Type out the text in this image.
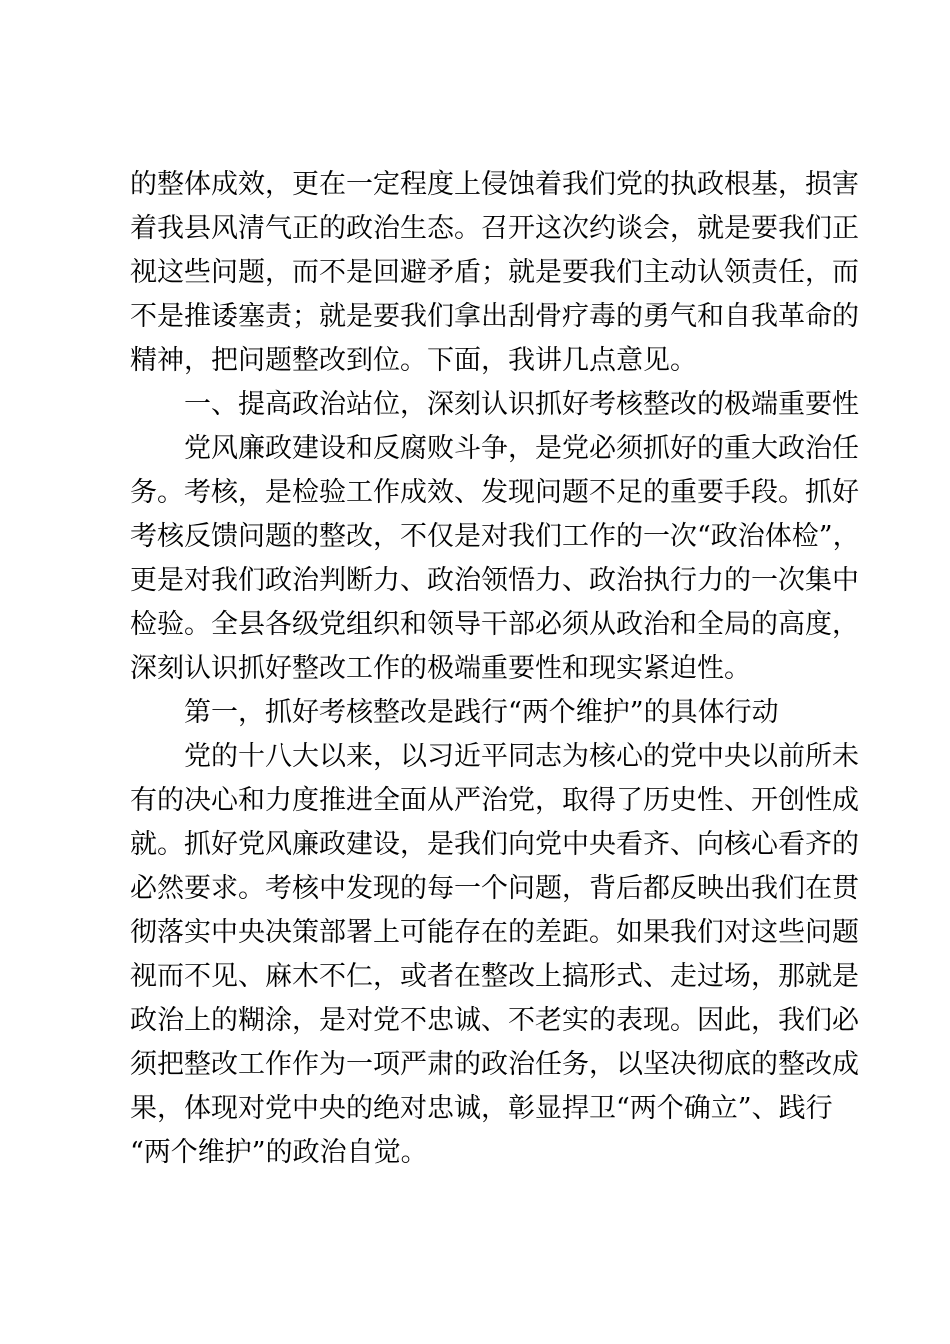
的整体成效，更在一定程度上侵蚀着我们党的执政根基，损害
着我县风清气正的政治生态。召开这次约谈会，就是要我们正
视这些问题，而不是回避矛盾；就是要我们主动认领责任，而
不是推诿塞责；就是要我们拿出刮骨疗毒的勇气和自我革命的
精神，把问题整改到位。下面，我讲几点意见。
一、提高政治站位，深刻认识抓好考核整改的极端重要性
党风廉政建设和反腐败斗争，是党必须抓好的重大政治任
务。考核，是检验工作成效、发现问题不足的重要手段。抓好
考核反馈问题的整改，不仅是对我们工作的一次“政治体检”，
更是对我们政治判断力、政治领悟力、政治执行力的一次集中
检验。全县各级党组织和领导干部必须从政治和全局的高度，
深刻认识抓好整改工作的极端重要性和现实紧迫性。
第一，抓好考核整改是践行“两个维护”的具体行动
党的十八大以来，以习近平同志为核心的党中央以前所未
有的决心和力度推进全面从严治党，取得了历史性、开创性成
就。抓好党风廉政建设，是我们向党中央看齐、向核心看齐的
必然要求。考核中发现的每一个问题，背后都反映出我们在贯
彻落实中央决策部署上可能存在的差距。如果我们对这些问题
视而不见、麻木不仁，或者在整改上搞形式、走过场，那就是
政治上的糊涂，是对党不忠诚、不老实的表现。因此，我们必
须把整改工作作为一项严肃的政治任务，以坚决彻底的整改成
果，体现对党中央的绝对忠诚，彰显捍卫“两个确立”、践行
“两个维护”的政治自觉。
